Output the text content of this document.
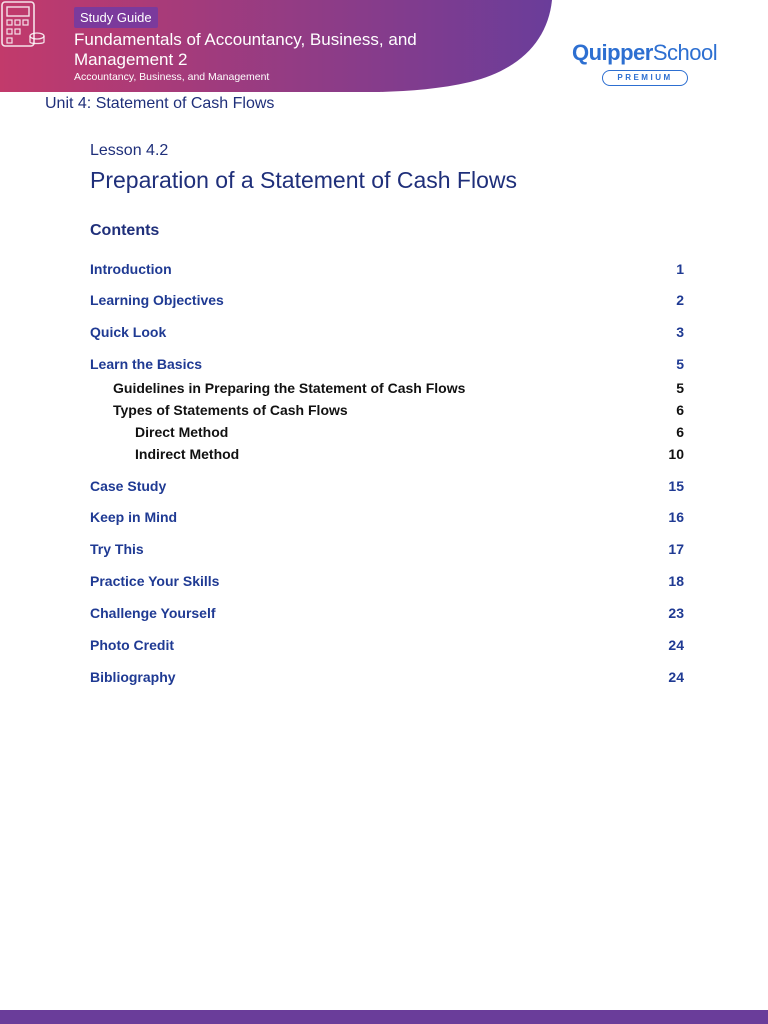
Study Guide
Fundamentals of Accountancy, Business, and Management 2
Accountancy, Business, and Management
QuipperSchool
PREMIUM
Unit 4: Statement of Cash Flows
Lesson 4.2
Preparation of a Statement of Cash Flows
Contents
Introduction	1
Learning Objectives	2
Quick Look	3
Learn the Basics	5
Guidelines in Preparing the Statement of Cash Flows	5
Types of Statements of Cash Flows	6
Direct Method	6
Indirect Method	10
Case Study	15
Keep in Mind	16
Try This	17
Practice Your Skills	18
Challenge Yourself	23
Photo Credit	24
Bibliography	24
